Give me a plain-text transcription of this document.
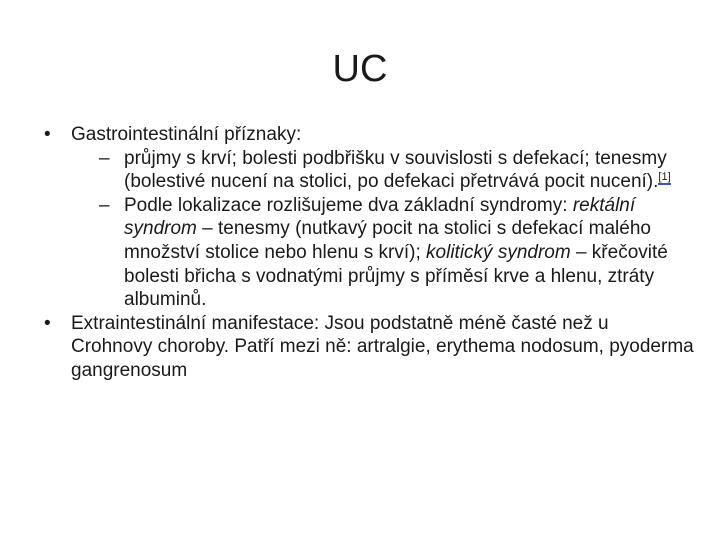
UC
• Gastrointestinální příznaky:
– průjmy s krví; bolesti podbřišku v souvislosti s defekací; tenesmy (bolestivé nucení na stolici, po defekaci přetrvává pocit nucení).[1]
– Podle lokalizace rozlišujeme dva základní syndromy: rektální syndrom – tenesmy (nutkavý pocit na stolici s defekací malého množství stolice nebo hlenu s krví); kolitický syndrom – křečovité bolesti břicha s vodnatými průjmy s příměsí krve a hlenu, ztráty albuminů.
• Extraintestinální manifestace: Jsou podstatně méně časté než u Crohnovy choroby. Patří mezi ně: artralgie, erythema nodosum, pyoderma gangrenosum
